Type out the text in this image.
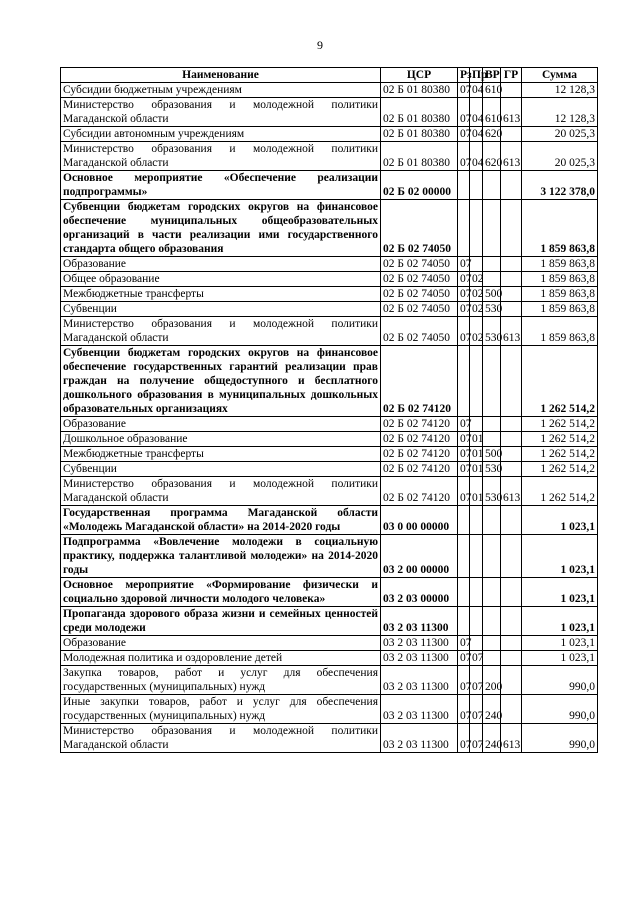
9
Наименование	ЦСР	Рз	Пр	ВР	ГР	Сумма
Субсидии бюджетным учреждениям	02 Б 01 80380	07	04	610		12 128,3
Министерство образования и молодежной политики Магаданской области	02 Б 01 80380	07	04	610	613	12 128,3
Субсидии автономным учреждениям	02 Б 01 80380	07	04	620		20 025,3
Министерство образования и молодежной политики Магаданской области	02 Б 01 80380	07	04	620	613	20 025,3
Основное мероприятие «Обеспечение реализации подпрограммы»	02 Б 02 00000					3 122 378,0
Субвенции бюджетам городских округов на финансовое обеспечение муниципальных общеобразовательных организаций в части реализации ими государственного стандарта общего образования	02 Б 02 74050					1 859 863,8
Образование	02 Б 02 74050	07				1 859 863,8
Общее образование	02 Б 02 74050	07	02			1 859 863,8
Межбюджетные трансферты	02 Б 02 74050	07	02	500		1 859 863,8
Субвенции	02 Б 02 74050	07	02	530		1 859 863,8
Министерство образования и молодежной политики Магаданской области	02 Б 02 74050	07	02	530	613	1 859 863,8
Субвенции бюджетам городских округов на финансовое обеспечение государственных гарантий реализации прав граждан на получение общедоступного и бесплатного дошкольного образования в муниципальных дошкольных образовательных организациях	02 Б 02 74120					1 262 514,2
Образование	02 Б 02 74120	07				1 262 514,2
Дошкольное образование	02 Б 02 74120	07	01			1 262 514,2
Межбюджетные трансферты	02 Б 02 74120	07	01	500		1 262 514,2
Субвенции	02 Б 02 74120	07	01	530		1 262 514,2
Министерство образования и молодежной политики Магаданской области	02 Б 02 74120	07	01	530	613	1 262 514,2
Государственная программа Магаданской области «Молодежь Магаданской области» на 2014-2020 годы	03 0 00 00000					1 023,1
Подпрограмма «Вовлечение молодежи в социальную практику, поддержка талантливой молодежи» на 2014-2020 годы	03 2 00 00000					1 023,1
Основное мероприятие «Формирование физически и социально здоровой личности молодого человека»	03 2 03 00000					1 023,1
Пропаганда здорового образа жизни и семейных ценностей среди молодежи	03 2 03 11300					1 023,1
Образование	03 2 03 11300	07				1 023,1
Молодежная политика и оздоровление детей	03 2 03 11300	07	07			1 023,1
Закупка товаров, работ и услуг для обеспечения государственных (муниципальных) нужд	03 2 03 11300	07	07	200		990,0
Иные закупки товаров, работ и услуг для обеспечения государственных (муниципальных) нужд	03 2 03 11300	07	07	240		990,0
Министерство образования и молодежной политики Магаданской области	03 2 03 11300	07	07	240	613	990,0
